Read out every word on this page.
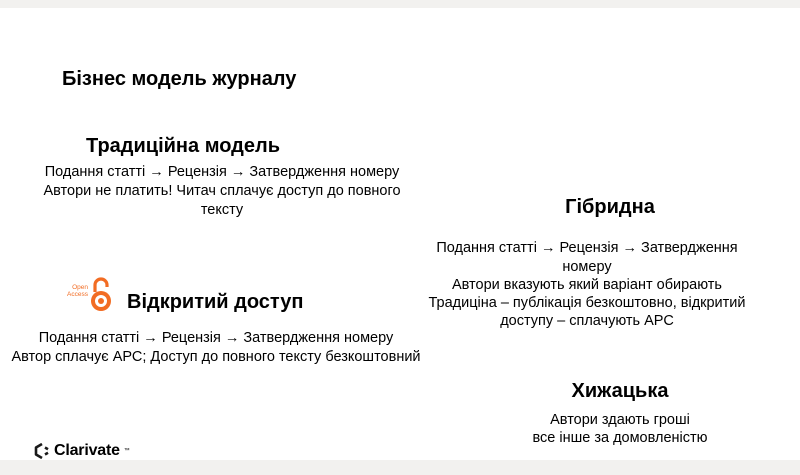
Бізнес модель журналу
Традиційна модель
Подання статті → Рецензія → Затвердження номеру
Автори не платить! Читач сплачує доступ до повного
тексту
Open
Access Відкритий доступ
Подання статті → Рецензія → Затвердження номеру
Автор сплачує АРС; Доступ до повного тексту безкоштовний
Гібридна
Подання статті → Рецензія → Затвердження
номеру
Автори вказують який варіант обирають
Традиціна – публікація безкоштовно, відкритий
доступу – сплачують АРС
Хижацька
Автори здають гроші
все інше за домовленістю
Clarivate ™
